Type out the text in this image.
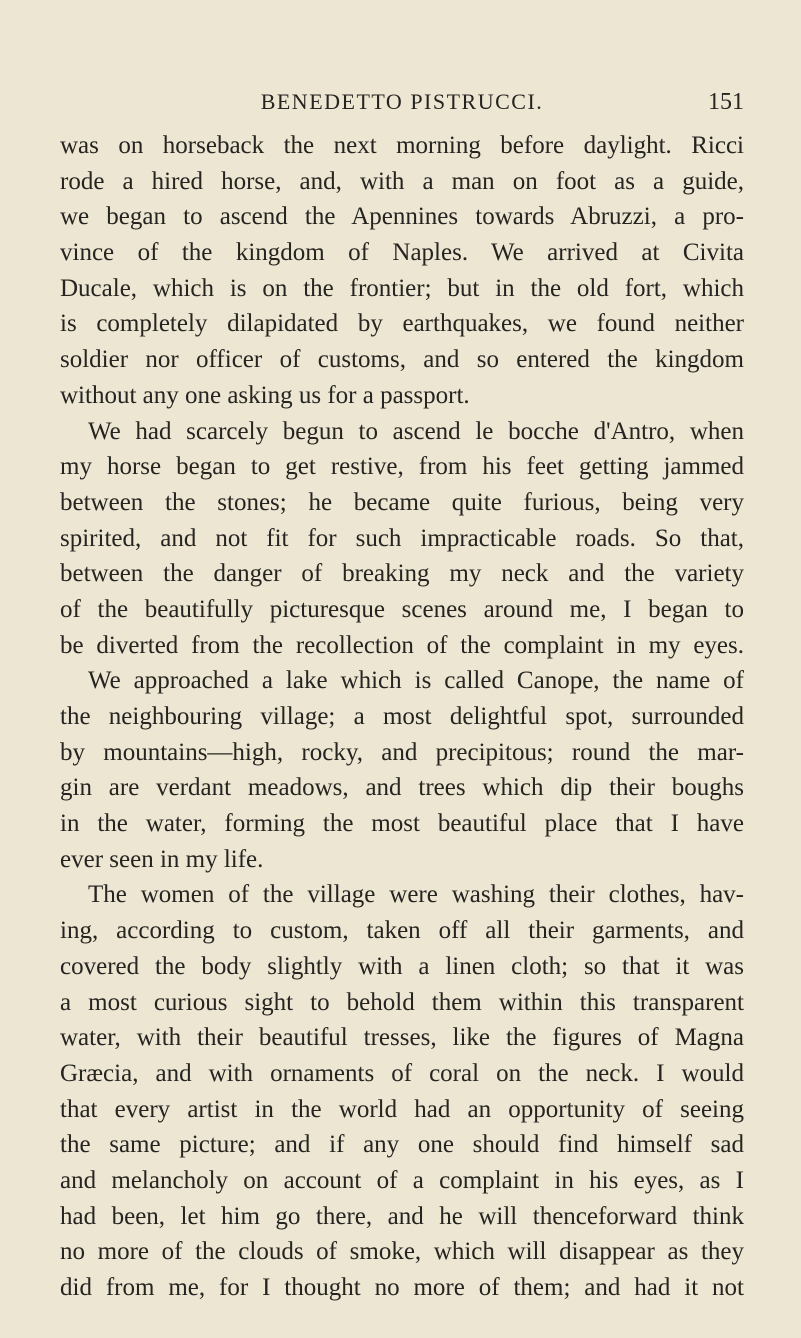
BENEDETTO PISTRUCCI.	151
was on horseback the next morning before daylight. Ricci
rode a hired horse, and, with a man on foot as a guide,
we began to ascend the Apennines towards Abruzzi, a pro-
vince of the kingdom of Naples. We arrived at Civita
Ducale, which is on the frontier; but in the old fort, which
is completely dilapidated by earthquakes, we found neither
soldier nor officer of customs, and so entered the kingdom
without any one asking us for a passport.
We had scarcely begun to ascend le bocche d'Antro, when
my horse began to get restive, from his feet getting jammed
between the stones; he became quite furious, being very
spirited, and not fit for such impracticable roads. So that,
between the danger of breaking my neck and the variety
of the beautifully picturesque scenes around me, I began to
be diverted from the recollection of the complaint in my eyes.
We approached a lake which is called Canope, the name of
the neighbouring village; a most delightful spot, surrounded
by mountains—high, rocky, and precipitous; round the mar-
gin are verdant meadows, and trees which dip their boughs
in the water, forming the most beautiful place that I have
ever seen in my life.
The women of the village were washing their clothes, hav-
ing, according to custom, taken off all their garments, and
covered the body slightly with a linen cloth; so that it was
a most curious sight to behold them within this transparent
water, with their beautiful tresses, like the figures of Magna
Græcia, and with ornaments of coral on the neck. I would
that every artist in the world had an opportunity of seeing
the same picture; and if any one should find himself sad
and melancholy on account of a complaint in his eyes, as I
had been, let him go there, and he will thenceforward think
no more of the clouds of smoke, which will disappear as they
did from me, for I thought no more of them; and had it not
